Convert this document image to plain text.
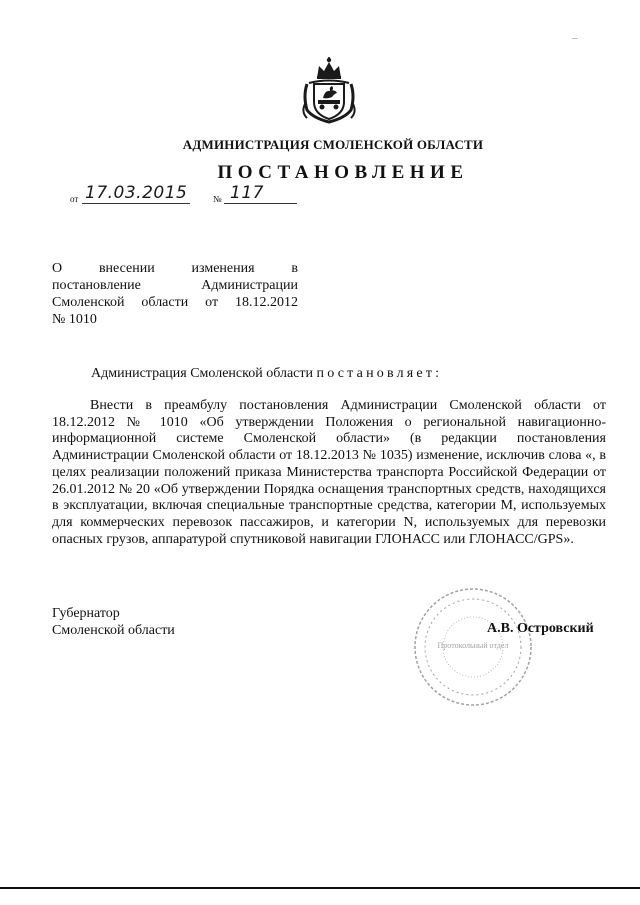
АДМИНИСТРАЦИЯ СМОЛЕНСКОЙ ОБЛАСТИ
ПОСТАНОВЛЕНИЕ
от 17.03.2015	№ 117
О внесении изменения в
постановление Администрации
Смоленской области от 18.12.2012
№ 1010
Администрация Смоленской области постановляет:
Внести в преамбулу постановления Администрации Смоленской области от 18.12.2012 № 1010 «Об утверждении Положения о региональной навигационно-информационной системе Смоленской области» (в редакции постановления Администрации Смоленской области от 18.12.2013 № 1035) изменение, исключив слова «, в целях реализации положений приказа Министерства транспорта Российской Федерации от 26.01.2012 № 20 «Об утверждении Порядка оснащения транспортных средств, находящихся в эксплуатации, включая специальные транспортные средства, категории M, используемых для коммерческих перевозок пассажиров, и категории N, используемых для перевозки опасных грузов, аппаратурой спутниковой навигации ГЛОНАСС или ГЛОНАСС/GPS».
Губернатор
Смоленской области
Протокольный отдел
А.В. Островский
